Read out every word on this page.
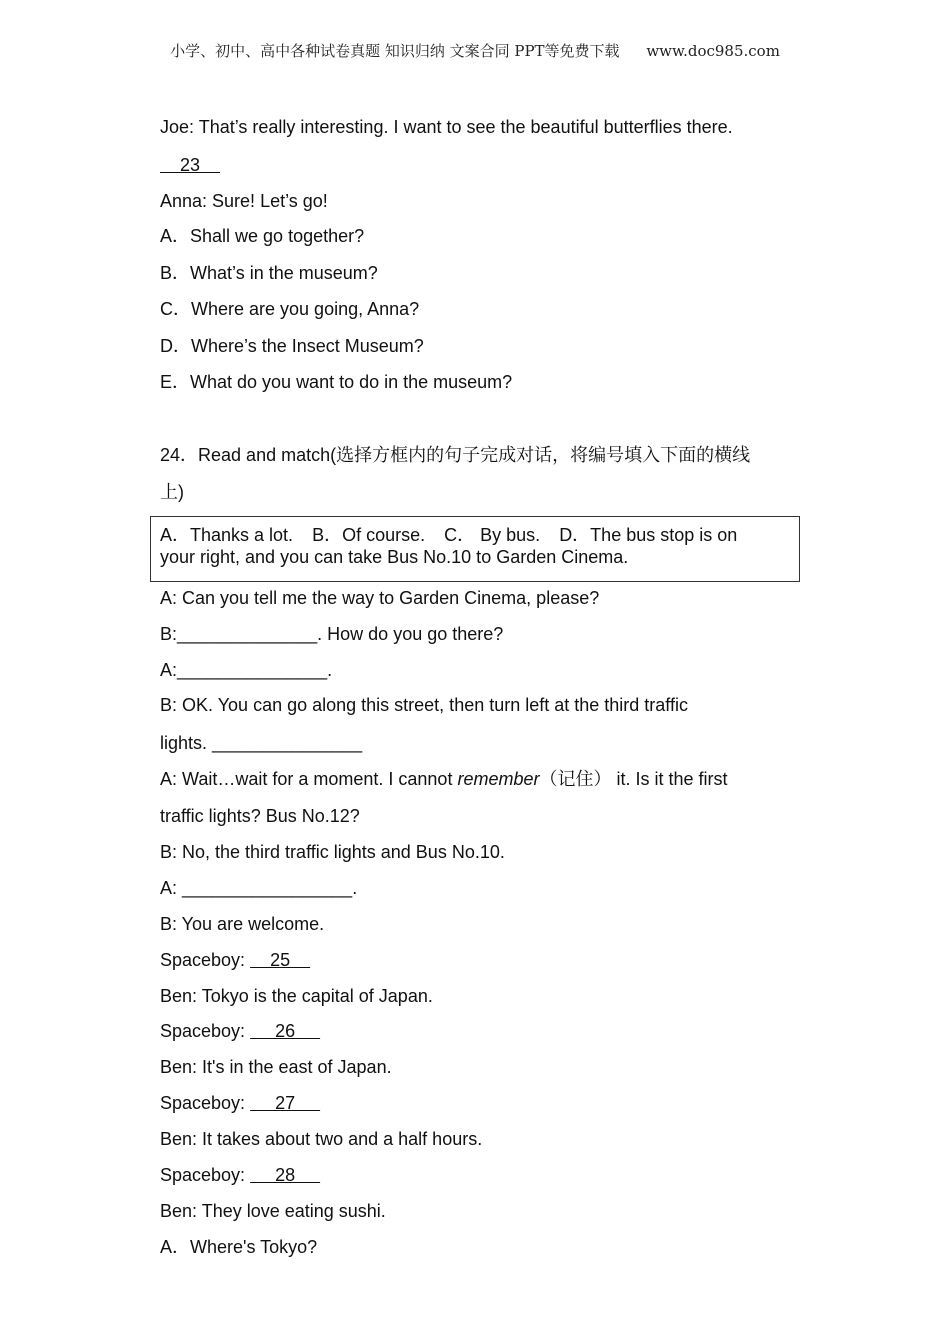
小学、初中、高中各种试卷真题 知识归纳 文案合同 PPT等免费下载 www.doc985.com
Joe: That’s really interesting. I want to see the beautiful butterflies there.
23
Anna: Sure! Let’s go!
A．Shall we go together?
B．What’s in the museum?
C．Where are you going, Anna?
D．Where’s the Insect Museum?
E．What do you want to do in the museum?
24．Read and match(选择方框内的句子完成对话，将编号填入下面的横线
上)
A．Thanks a lot. B．Of course. C． By bus. D．The bus stop is on
your right, and you can take Bus No.10 to Garden Cinema.
A: Can you tell me the way to Garden Cinema, please?
B:______________. How do you go there?
A:_______________.
B: OK. You can go along this street, then turn left at the third traffic
lights. _______________
A: Wait…wait for a moment. I cannot remember（记住） it. Is it the first
traffic lights? Bus No.12?
B: No, the third traffic lights and Bus No.10.
A: _________________.
B: You are welcome.
Spaceboy:     25
Ben: Tokyo is the capital of Japan.
Spaceboy:      26
Ben: It's in the east of Japan.
Spaceboy:      27
Ben: It takes about two and a half hours.
Spaceboy:      28
Ben: They love eating sushi.
A．Where's Tokyo?
